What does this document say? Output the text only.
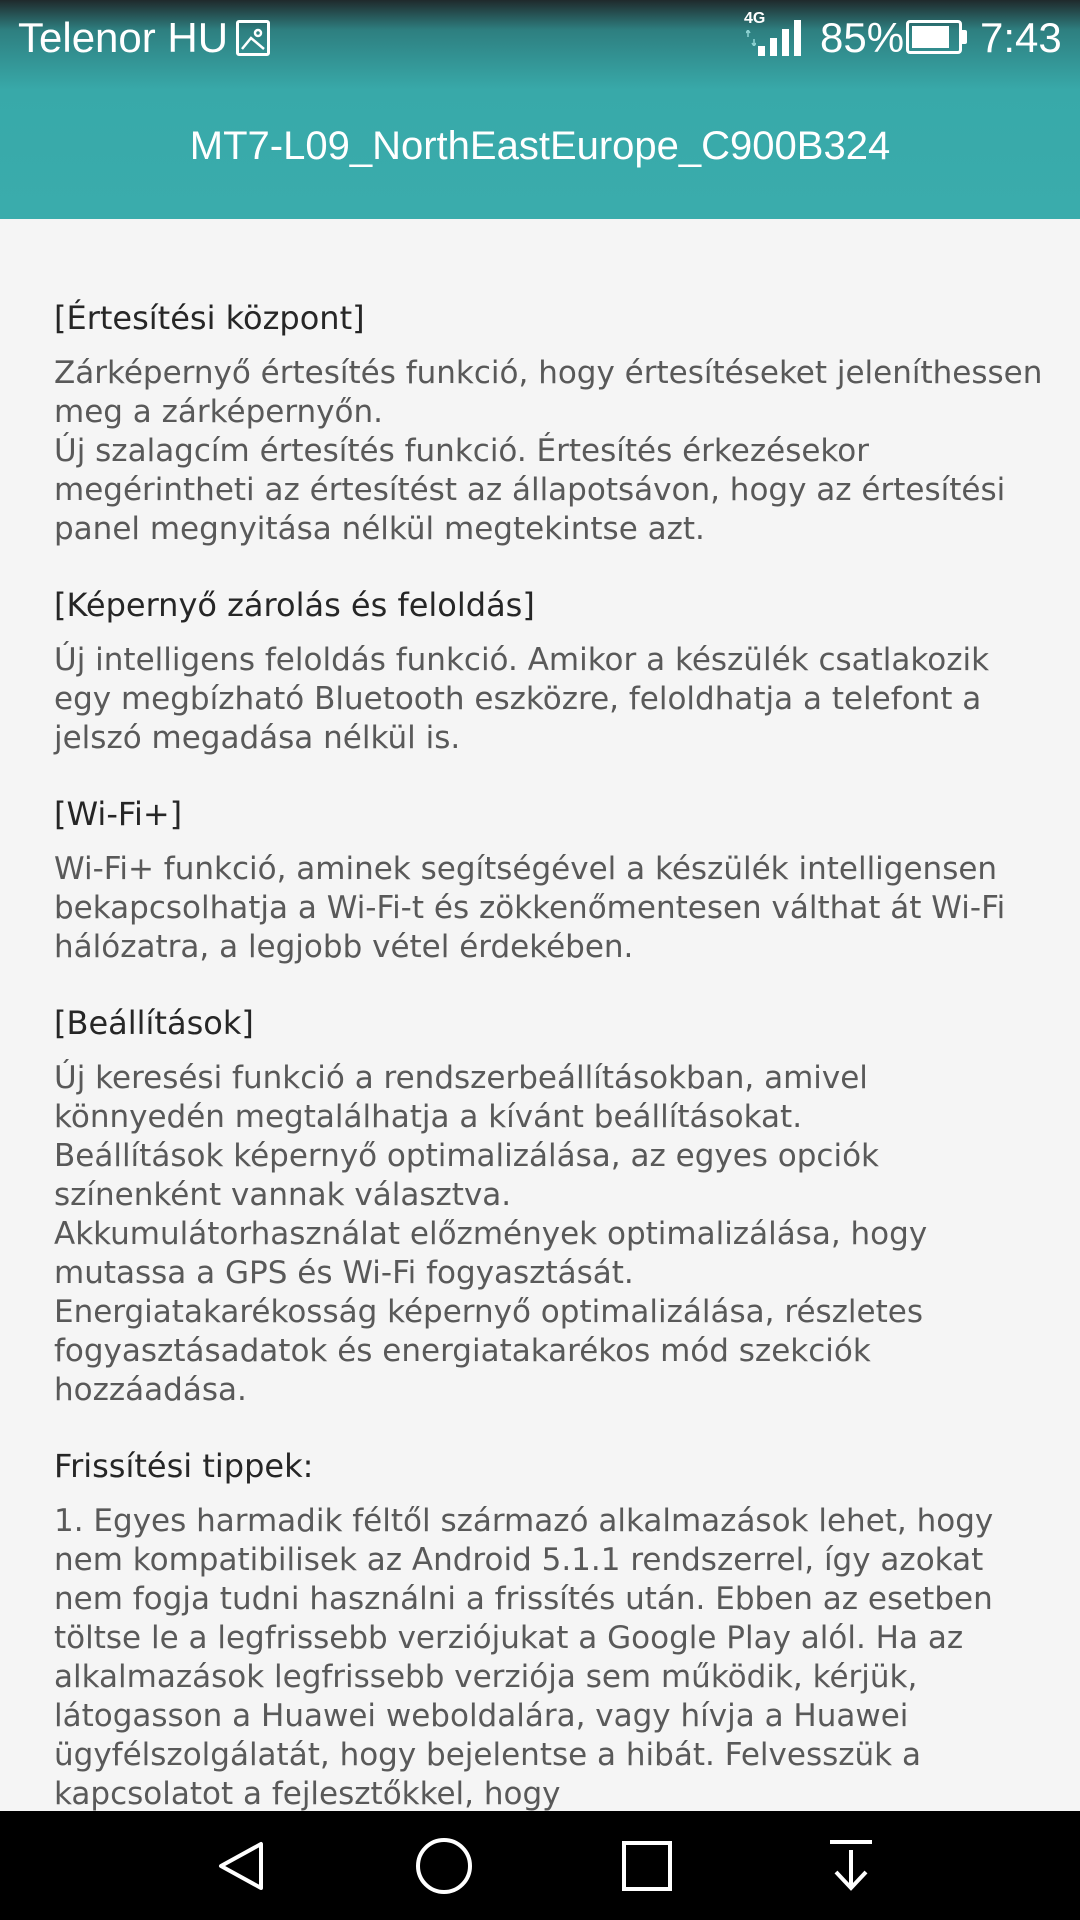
Telenor HU	4G 85% 7:43
MT7-L09_NorthEastEurope_C900B324
[Értesítési központ]

Zárképernyő értesítés funkció, hogy értesítéseket jeleníthessen meg a zárképernyőn.

Új szalagcím értesítés funkció. Értesítés érkezésekor megérintheti az értesítést az állapotsávon, hogy az értesítési panel megnyitása nélkül megtekintse azt.

[Képernyő zárolás és feloldás]

Új intelligens feloldás funkció. Amikor a készülék csatlakozik egy megbízható Bluetooth eszközre, feloldhatja a telefont a jelszó megadása nélkül is.

[Wi-Fi+]

Wi-Fi+ funkció, aminek segítségével a készülék intelligensen bekapcsolhatja a Wi-Fi-t és zökkenőmentesen válthat át Wi-Fi hálózatra, a legjobb vétel érdekében.

[Beállítások]

Új keresési funkció a rendszerbeállításokban, amivel könnyedén megtalálhatja a kívánt beállításokat.

Beállítások képernyő optimalizálása, az egyes opciók színenként vannak választva.

Akkumulátorhasználat előzmények optimalizálása, hogy mutassa a GPS és Wi-Fi fogyasztását.

Energiatakarékosság képernyő optimalizálása, részletes fogyasztásadatok és energiatakarékos mód szekciók hozzáadása.

Frissítési tippek:

1. Egyes harmadik féltől származó alkalmazások lehet, hogy nem kompatibilisek az Android 5.1.1 rendszerrel, így azokat nem fogja tudni használni a frissítés után. Ebben az esetben töltse le a legfrissebb verziójukat a Google Play alól. Ha az alkalmazások legfrissebb verziója sem működik, kérjük, látogasson a Huawei weboldalára, vagy hívja a Huawei ügyfélszolgálatát, hogy bejelentse a hibát. Felvesszük a kapcsolatot a fejlesztőkkel, hogy
